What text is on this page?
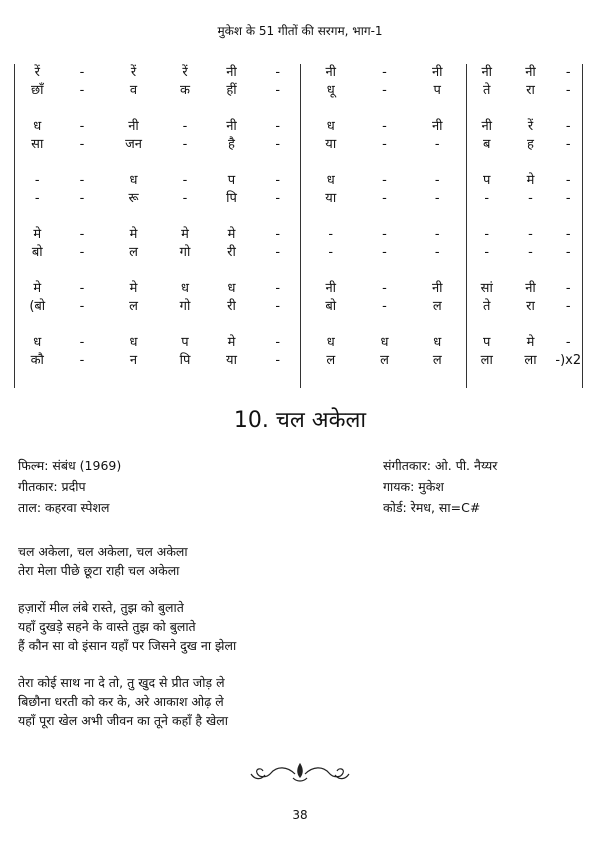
मुकेश के 51 गीतों की सरगम, भाग-1
रें	-	रें	रें	नी	-	नी	-	नी	नी	नी	-
छाँ	-	व	क	हीं	-	धू	-	प	ते	रा	-
ध	-	नी	-	नी	-	ध	-	नी	नी	रें	-
सा	-	जन	-	है	-	या	-	-	ब	ह	-
-	-	ध	-	प	-	ध	-	-	प	मे	-
-	-	रू	-	पि	-	या	-	-	-	-	-
मे	-	मे	मे	मे	-	-	-	-	-	-	-
बो	-	ल	गो	री	-	-	-	-	-	-	-
मे	-	मे	ध	ध	-	नी	-	नी	सां	नी	-
(बो	-	ल	गो	री	-	बो	-	ल	ते	रा	-
ध	-	ध	प	मे	-	ध	ध	ध	प	मे	-
कौ	-	न	पि	या	-	ल	ल	ल	ला	ला	-)x2
10. चल अकेला
फिल्म: संबंध (1969)
गीतकार: प्रदीप
ताल: कहरवा स्पेशल
संगीतकार: ओ. पी. नैय्यर
गायक: मुकेश
कोर्ड: रेमध, सा=C#
चल अकेला, चल अकेला, चल अकेला
तेरा मेला पीछे छूटा राही चल अकेला
हज़ारों मील लंबे रास्ते, तुझ को बुलाते
यहाँ दुखड़े सहने के वास्ते तुझ को बुलाते
हैं कौन सा वो इंसान यहाँ पर जिसने दुख ना झेला
तेरा कोई साथ ना दे तो, तु खुद से प्रीत जोड़ ले
बिछौना धरती को कर के, अरे आकाश ओढ़ ले
यहाँ पूरा खेल अभी जीवन का तूने कहाँ है खेला
38
